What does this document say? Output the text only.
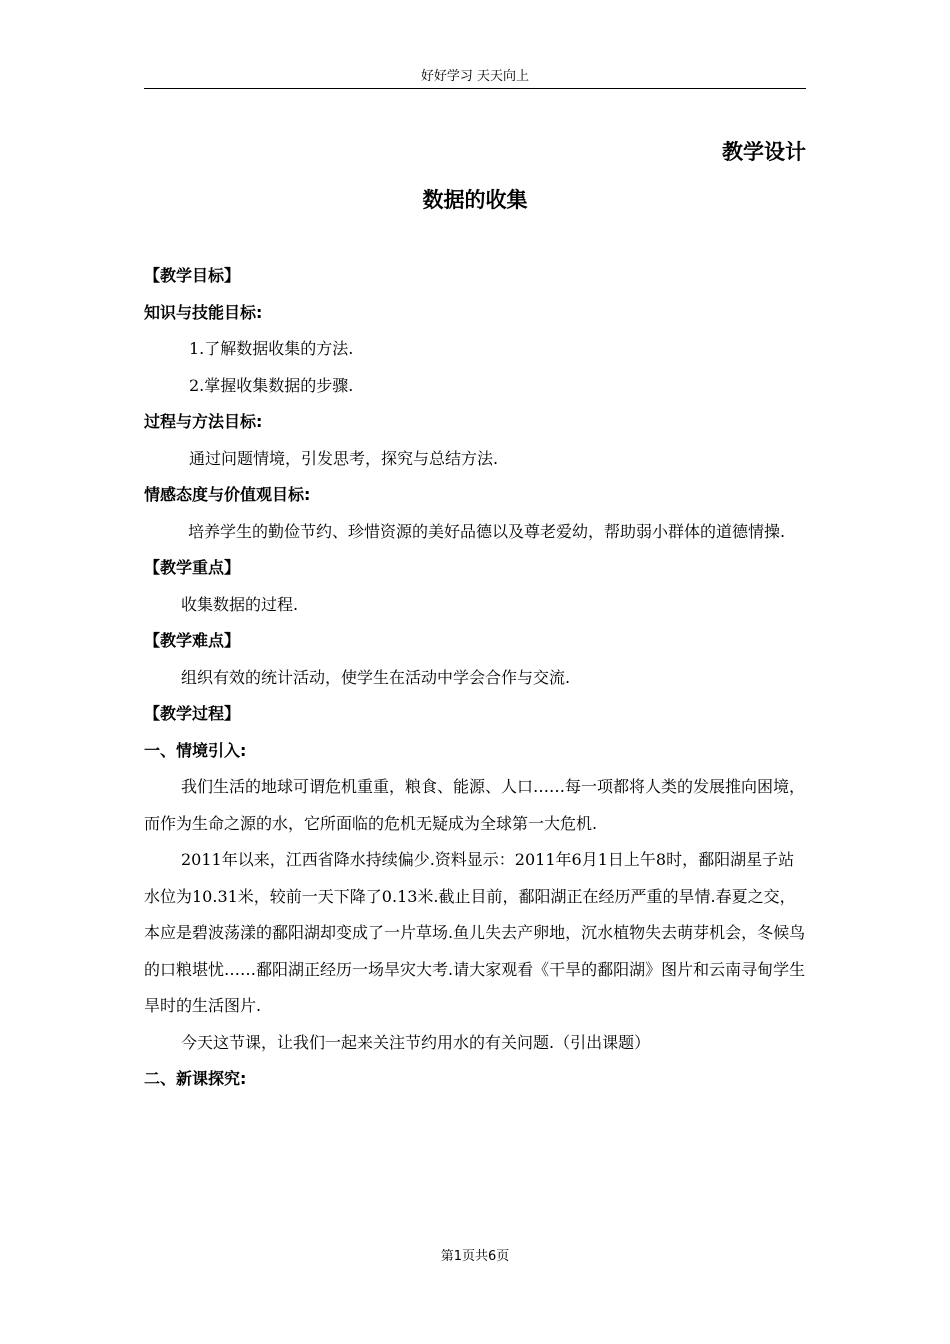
好好学习 天天向上
教学设计
数据的收集

【教学目标】

知识与技能目标:

1.了解数据收集的方法.

2.掌握收集数据的步骤.

过程与方法目标:

通过问题情境，引发思考，探究与总结方法.

情感态度与价值观目标:

培养学生的勤俭节约、珍惜资源的美好品德以及尊老爱幼，帮助弱小群体的道德情操.

【教学重点】

收集数据的过程.

【教学难点】

组织有效的统计活动，使学生在活动中学会合作与交流.

【教学过程】

一、情境引入:

我们生活的地球可谓危机重重，粮食、能源、人口……每一项都将人类的发展推向困境，而作为生命之源的水，它所面临的危机无疑成为全球第一大危机.

2011年以来，江西省降水持续偏少.资料显示：2011年6月1日上午8时，鄱阳湖星子站水位为10.31米，较前一天下降了0.13米.截止目前，鄱阳湖正在经历严重的旱情.春夏之交，本应是碧波荡漾的鄱阳湖却变成了一片草场.鱼儿失去产卵地，沉水植物失去萌芽机会，冬候鸟的口粮堪忧……鄱阳湖正经历一场旱灾大考.请大家观看《干旱的鄱阳湖》图片和云南寻甸学生旱时的生活图片.

今天这节课，让我们一起来关注节约用水的有关问题.（引出课题）

二、新课探究:

第1页共6页
